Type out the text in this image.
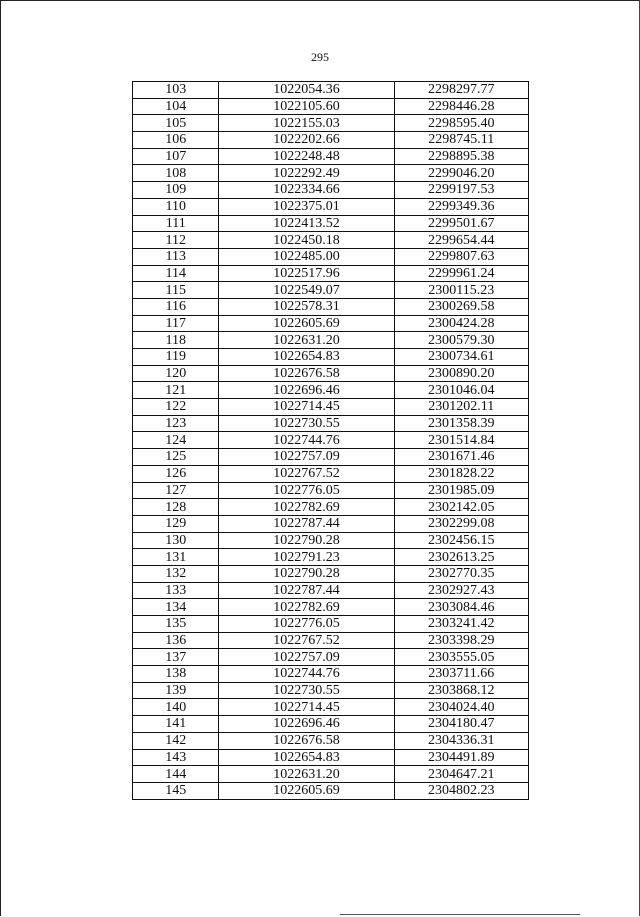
295
103	1022054.36	2298297.77
104	1022105.60	2298446.28
105	1022155.03	2298595.40
106	1022202.66	2298745.11
107	1022248.48	2298895.38
108	1022292.49	2299046.20
109	1022334.66	2299197.53
110	1022375.01	2299349.36
111	1022413.52	2299501.67
112	1022450.18	2299654.44
113	1022485.00	2299807.63
114	1022517.96	2299961.24
115	1022549.07	2300115.23
116	1022578.31	2300269.58
117	1022605.69	2300424.28
118	1022631.20	2300579.30
119	1022654.83	2300734.61
120	1022676.58	2300890.20
121	1022696.46	2301046.04
122	1022714.45	2301202.11
123	1022730.55	2301358.39
124	1022744.76	2301514.84
125	1022757.09	2301671.46
126	1022767.52	2301828.22
127	1022776.05	2301985.09
128	1022782.69	2302142.05
129	1022787.44	2302299.08
130	1022790.28	2302456.15
131	1022791.23	2302613.25
132	1022790.28	2302770.35
133	1022787.44	2302927.43
134	1022782.69	2303084.46
135	1022776.05	2303241.42
136	1022767.52	2303398.29
137	1022757.09	2303555.05
138	1022744.76	2303711.66
139	1022730.55	2303868.12
140	1022714.45	2304024.40
141	1022696.46	2304180.47
142	1022676.58	2304336.31
143	1022654.83	2304491.89
144	1022631.20	2304647.21
145	1022605.69	2304802.23
